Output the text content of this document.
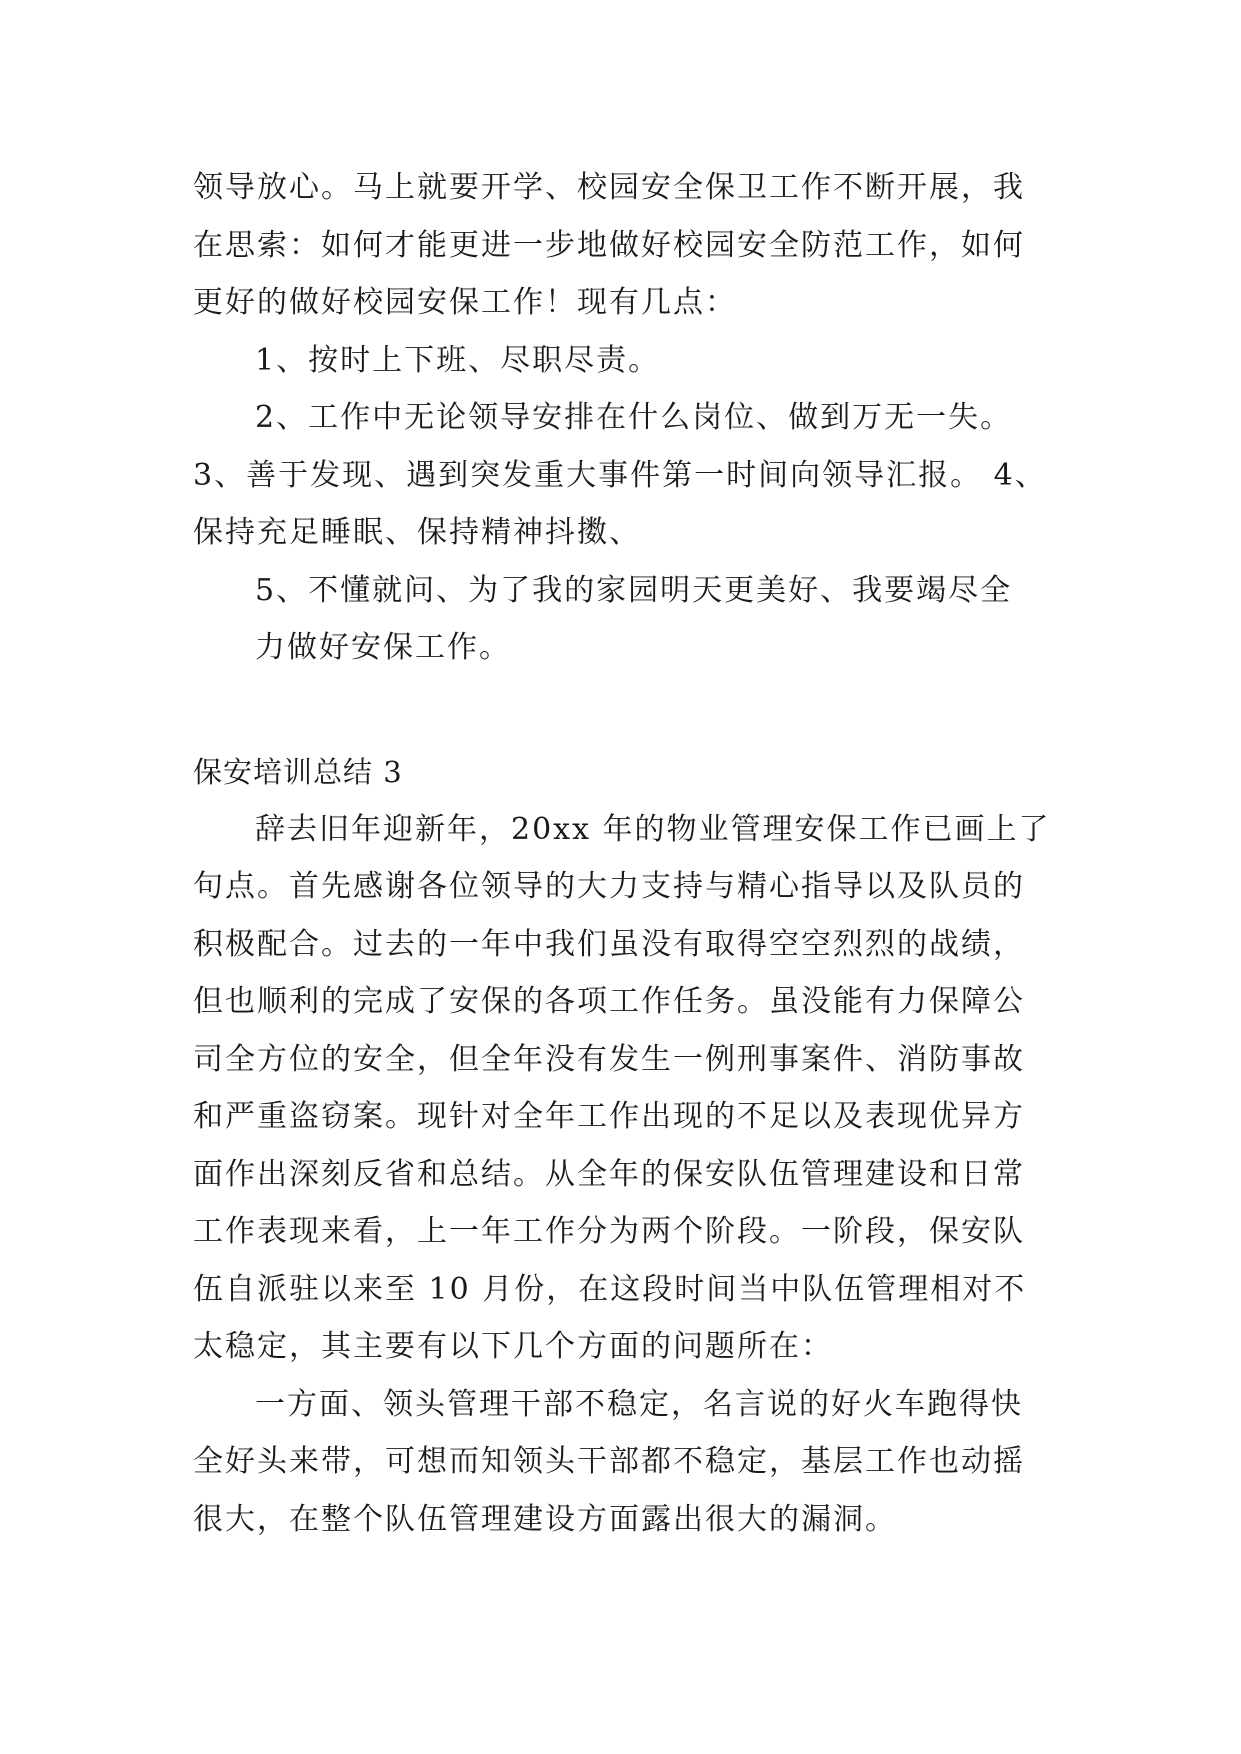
领导放心。马上就要开学、校园安全保卫工作不断开展，我
在思索：如何才能更进一步地做好校园安全防范工作，如何
更好的做好校园安保工作！现有几点：
1、按时上下班、尽职尽责。
2、工作中无论领导安排在什么岗位、做到万无一失。
3、善于发现、遇到突发重大事件第一时间向领导汇报。 4、
保持充足睡眠、保持精神抖擞、
5、不懂就问、为了我的家园明天更美好、我要竭尽全
力做好安保工作。
保安培训总结 3
辞去旧年迎新年，20xx 年的物业管理安保工作已画上了
句点。首先感谢各位领导的大力支持与精心指导以及队员的
积极配合。过去的一年中我们虽没有取得空空烈烈的战绩，
但也顺利的完成了安保的各项工作任务。虽没能有力保障公
司全方位的安全，但全年没有发生一例刑事案件、消防事故
和严重盗窃案。现针对全年工作出现的不足以及表现优异方
面作出深刻反省和总结。从全年的保安队伍管理建设和日常
工作表现来看，上一年工作分为两个阶段。一阶段，保安队
伍自派驻以来至 10 月份，在这段时间当中队伍管理相对不
太稳定，其主要有以下几个方面的问题所在：
一方面、领头管理干部不稳定，名言说的好火车跑得快
全好头来带，可想而知领头干部都不稳定，基层工作也动摇
很大，在整个队伍管理建设方面露出很大的漏洞。
